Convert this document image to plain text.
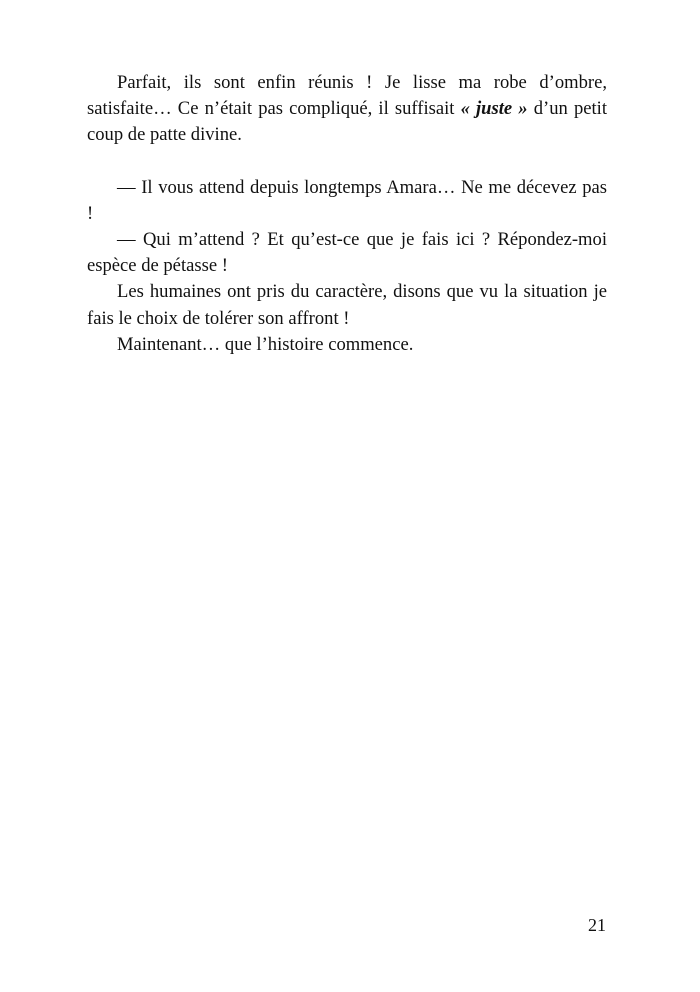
Parfait, ils sont enfin réunis ! Je lisse ma robe d’ombre, satisfaite… Ce n’était pas compliqué, il suffisait « juste » d’un petit coup de patte divine.

— Il vous attend depuis longtemps Amara… Ne me décevez pas !

— Qui m’attend ? Et qu’est-ce que je fais ici ? Répondez-moi espèce de pétasse !

Les humaines ont pris du caractère, disons que vu la situation je fais le choix de tolérer son affront !

Maintenant… que l’histoire commence.

21
